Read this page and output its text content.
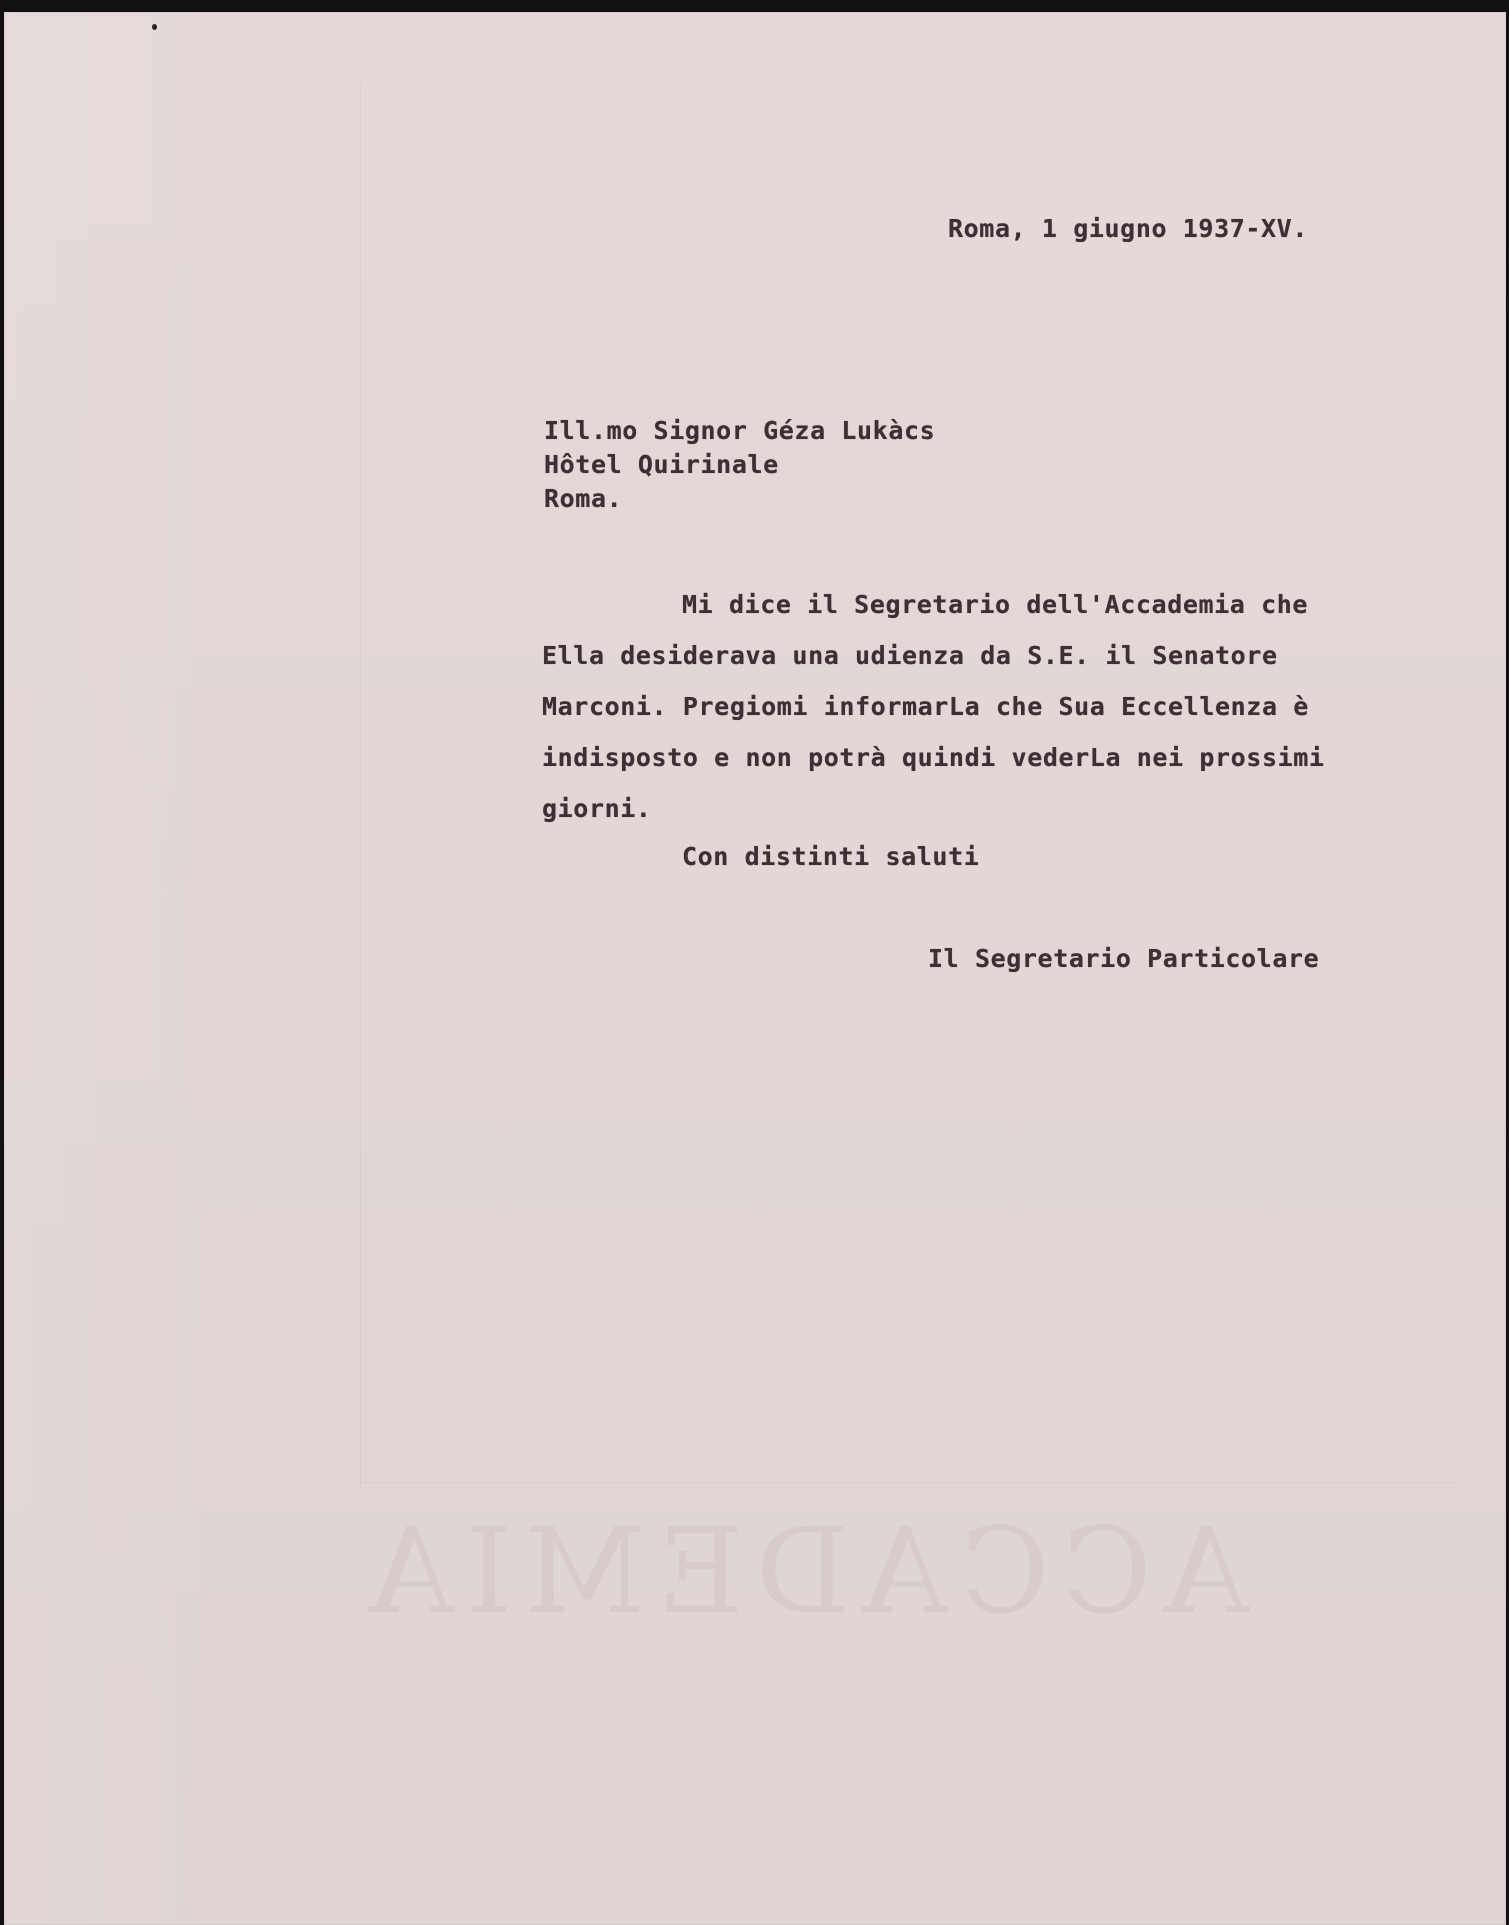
ACCADEMIA
Roma, 1 giugno 1937-XV.
Ill.mo Signor Géza Lukàcs
Hôtel Quirinale
Roma.
Mi dice il Segretario dell'Accademia che
Ella desiderava una udienza da S.E. il Senatore
Marconi. Pregiomi informarLa che Sua Eccellenza è
indisposto e non potrà quindi vederLa nei prossimi
giorni.
Con distinti saluti
Il Segretario Particolare
